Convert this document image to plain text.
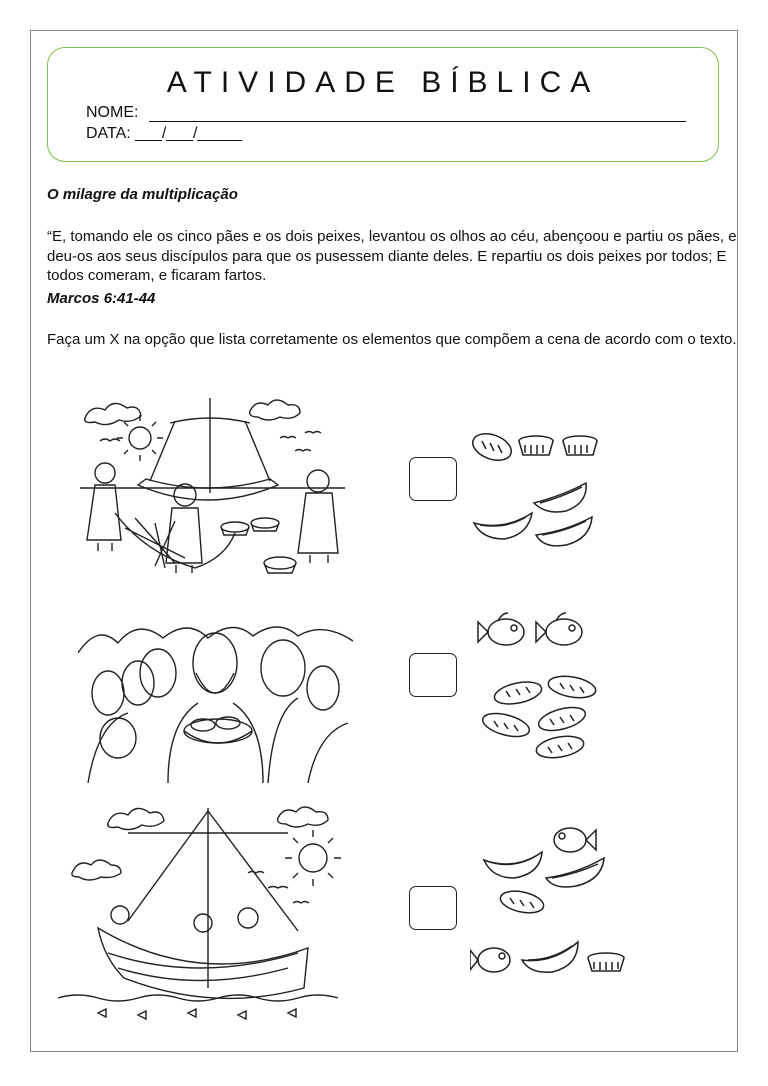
ATIVIDADE BÍBLICA
NOME:
DATA: ___/___/_____
O milagre da multiplicação
“E, tomando ele os cinco pães e os dois peixes, levantou os olhos ao céu, abençoou e partiu os pães, e deu-os aos seus discípulos para que os pusessem diante deles. E repartiu os dois peixes por todos; E todos comeram, e ficaram fartos.
Marcos 6:41-44
Faça um X na opção que lista corretamente os elementos que compõem a cena de acordo com o texto.
